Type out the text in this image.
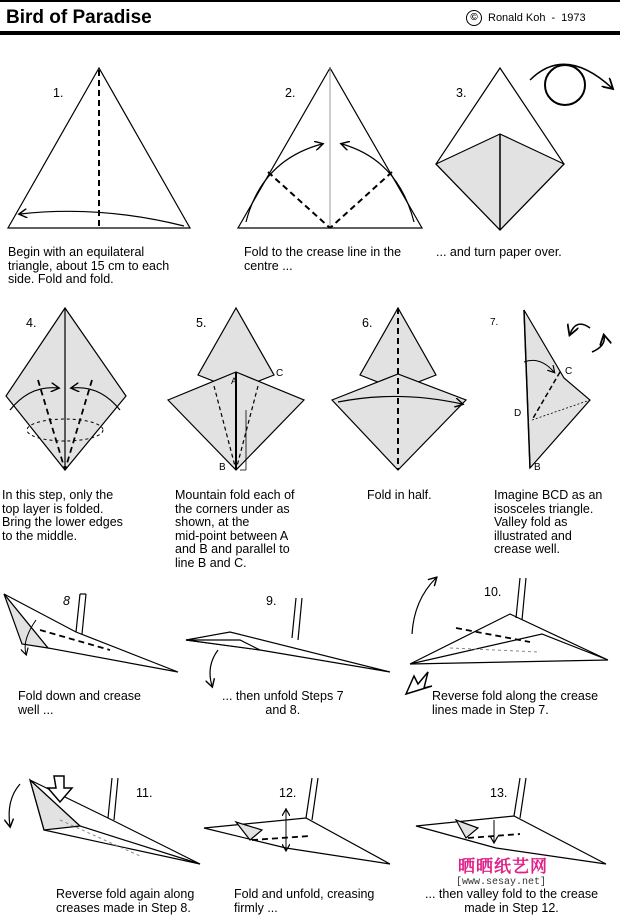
Bird of Paradise	© Ronald Koh - 1973
1.	2.	3.
4.	5.	6.	7.
8	9.
10.
11.	12.	13.
A
C
B
C
D
B
Begin with an equilateral
triangle, about 15 cm to each
side. Fold and fold.
Fold to the crease line in the
centre ...
... and turn paper over.
In this step, only the
top layer is folded.
Bring the lower edges
to the middle.
Mountain fold each of
the corners under as
shown, at the
mid-point between A
and B and parallel to
line B and C.
Fold in half.	Imagine BCD as an
isosceles triangle.
Valley fold as
illustrated and
crease well.
Fold down and crease
well ...
... then unfold Steps 7
and 8.
Reverse fold along the crease
lines made in Step 7.
Reverse fold again along
creases made in Step 8.
Fold and unfold, creasing
firmly ...
... then valley fold to the crease
made in Step 12.
晒晒纸艺网
[www.sesay.net]
